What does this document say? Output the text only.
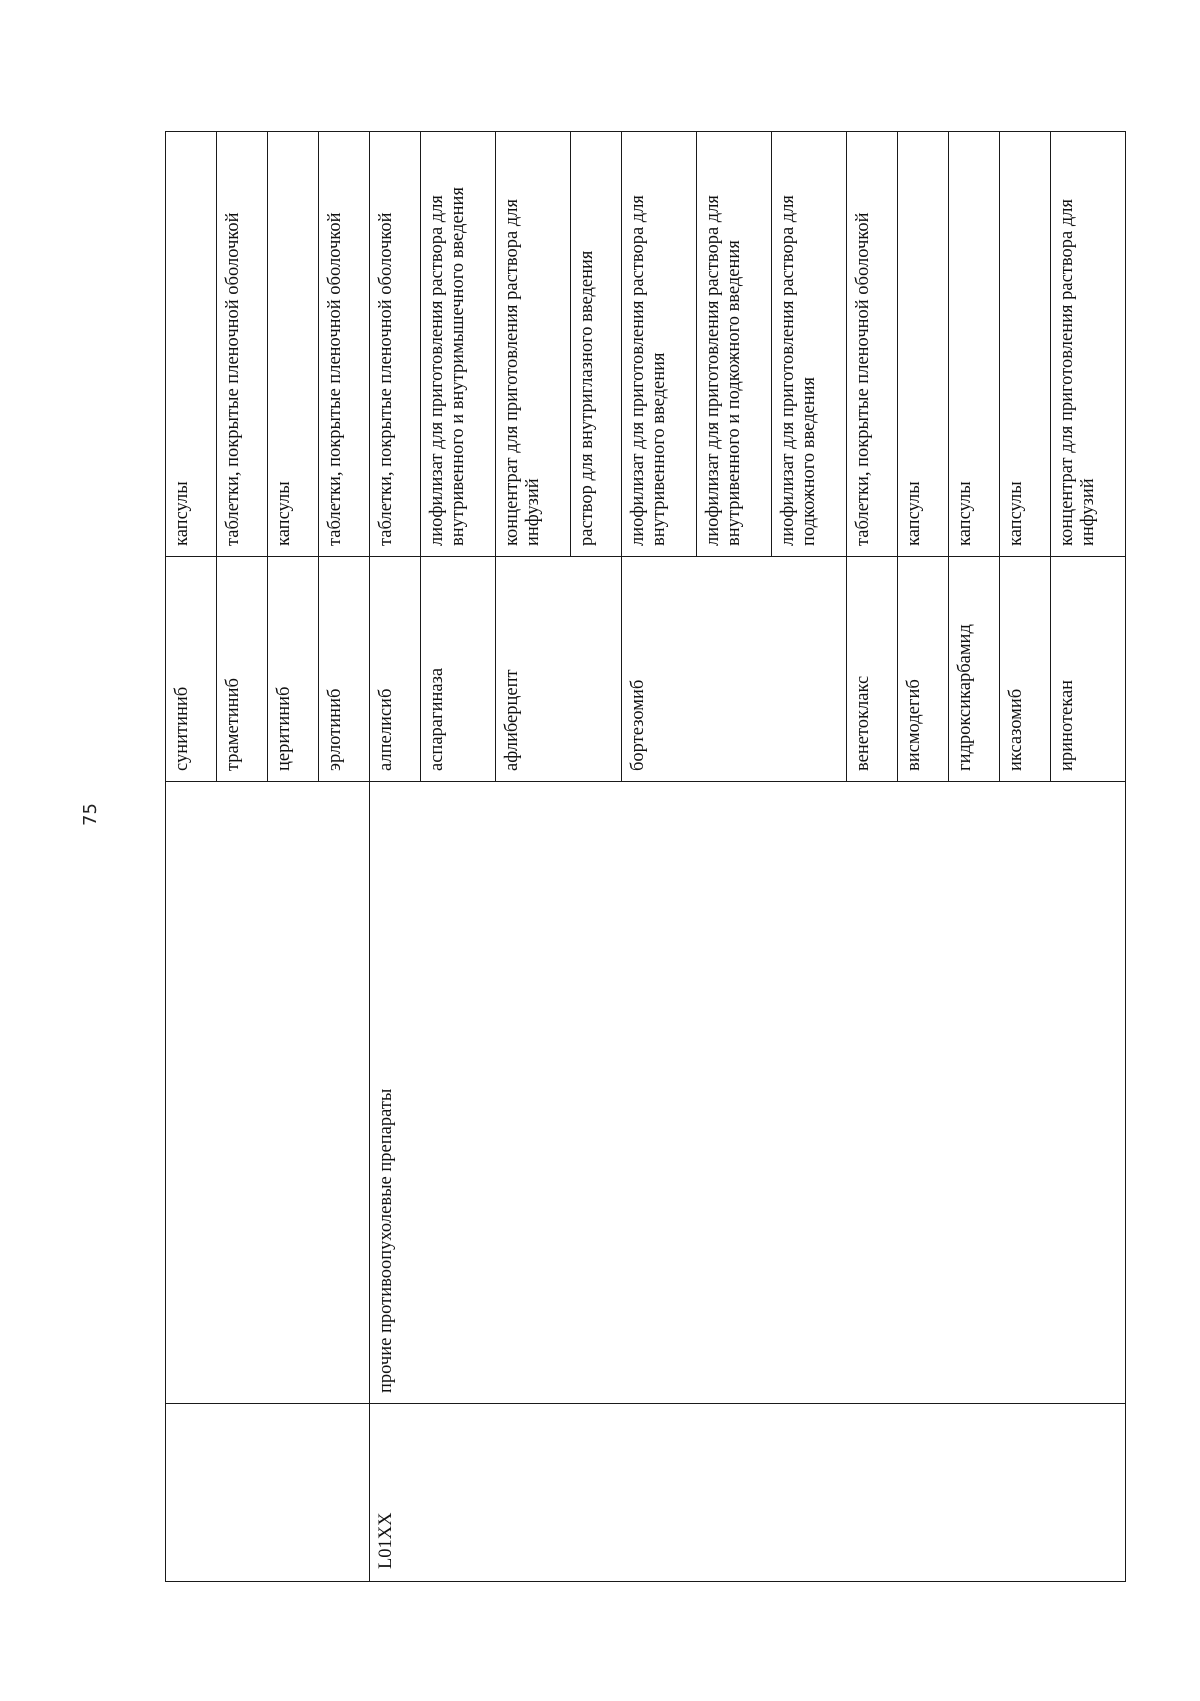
75
		сунитиниб	капсулы
		траметиниб	таблетки, покрытые пленочной оболочкой
		церитиниб	капсулы
		эрлотиниб	таблетки, покрытые пленочной оболочкой
L01XX	прочие противоопухолевые препараты	алпелисиб	таблетки, покрытые пленочной оболочкой
		аспарагиназа	лиофилизат для приготовления раствора для внутривенного и внутримышечного введения
		афлиберцепт	концентрат для приготовления раствора для инфузий
			раствор для внутриглазного введения
		бортезомиб	лиофилизат для приготовления раствора для внутривенного введения
			лиофилизат для приготовления раствора для внутривенного и подкожного введения
			лиофилизат для приготовления раствора для подкожного введения
		венетоклакс	таблетки, покрытые пленочной оболочкой
		висмодегиб	капсулы
		гидроксикарбамид	капсулы
		иксазомиб	капсулы
		иринотекан	концентрат для приготовления раствора для инфузий
